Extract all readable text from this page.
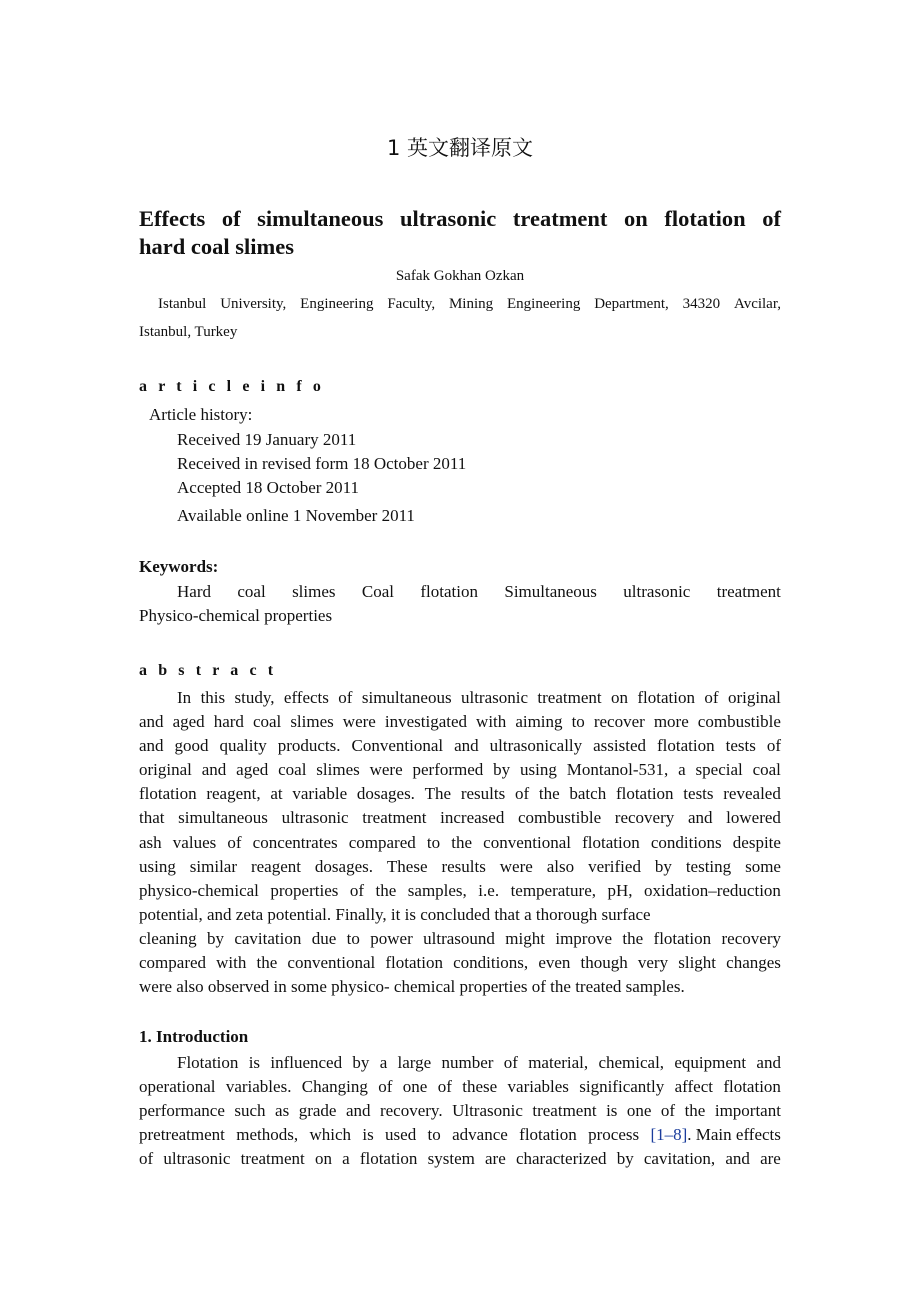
1 英文翻译原文
Effects of simultaneous ultrasonic treatment on flotation of
hard coal slimes
Safak Gokhan Ozkan
Istanbul University, Engineering Faculty, Mining Engineering Department, 34320 Avcilar,
Istanbul, Turkey
a r t i c l e i n f o
Article history:
Received 19 January 2011
Received in revised form 18 October 2011
Accepted 18 October 2011
Available online 1 November 2011
Keywords:
Hard coal slimes Coal flotation Simultaneous ultrasonic treatment
Physico-chemical properties
a b s t r a c t
In this study, effects of simultaneous ultrasonic treatment on flotation of original
and aged hard coal slimes were investigated with aiming to recover more combustible
and good quality products. Conventional and ultrasonically assisted flotation tests of
original and aged coal slimes were performed by using Montanol-531, a special coal
flotation reagent, at variable dosages. The results of the batch flotation tests revealed
that simultaneous ultrasonic treatment increased combustible recovery and lowered
ash values of concentrates compared to the conventional flotation conditions despite
using similar reagent dosages. These results were also verified by testing some
physico-chemical properties of the samples, i.e. temperature, pH, oxidation–reduction
potential, and zeta potential. Finally, it is concluded that a thorough surface
cleaning by cavitation due to power ultrasound might improve the flotation recovery
compared with the conventional flotation conditions, even though very slight changes
were also observed in some physico- chemical properties of the treated samples.
1. Introduction
Flotation is influenced by a large number of material, chemical, equipment and
operational variables. Changing of one of these variables significantly affect flotation
performance such as grade and recovery. Ultrasonic treatment is one of the important
pretreatment methods, which is used to advance flotation process [1–8]. Main effects
of ultrasonic treatment on a flotation system are characterized by cavitation, and are
